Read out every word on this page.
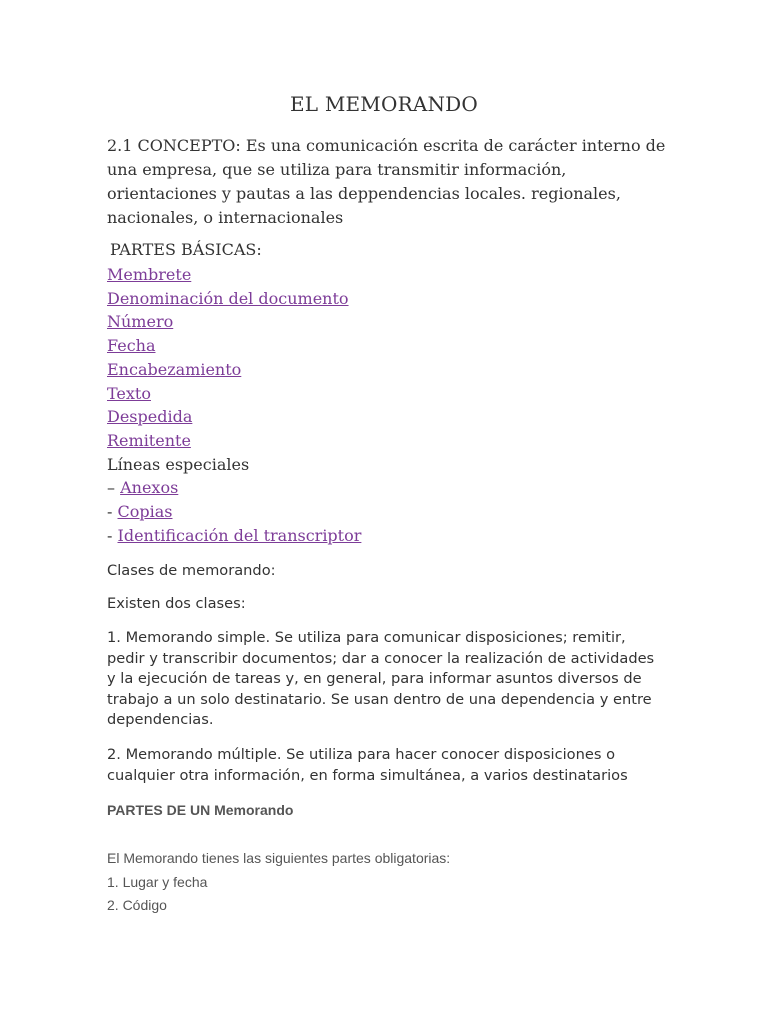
EL MEMORANDO
2.1 CONCEPTO: Es una comunicación escrita de carácter interno de una empresa, que se utiliza para transmitir información, orientaciones y pautas a las deppendencias locales. regionales, nacionales, o internacionales
PARTES BÁSICAS:
Membrete
Denominación del documento
Número
Fecha
Encabezamiento
Texto
Despedida
Remitente
Líneas especiales
– Anexos
- Copias
- Identificación del transcriptor
Clases de memorando:
Existen dos clases:
1. Memorando simple. Se utiliza para comunicar disposiciones; remitir, pedir y transcribir documentos; dar a conocer la realización de actividades y la ejecución de tareas y, en general, para informar asuntos diversos de trabajo a un solo destinatario. Se usan dentro de una dependencia y entre dependencias.
2. Memorando múltiple. Se utiliza para hacer conocer disposiciones o cualquier otra información, en forma simultánea, a varios destinatarios
PARTES DE UN Memorando
El Memorando tienes las siguientes partes obligatorias:
1. Lugar y fecha
2. Código
